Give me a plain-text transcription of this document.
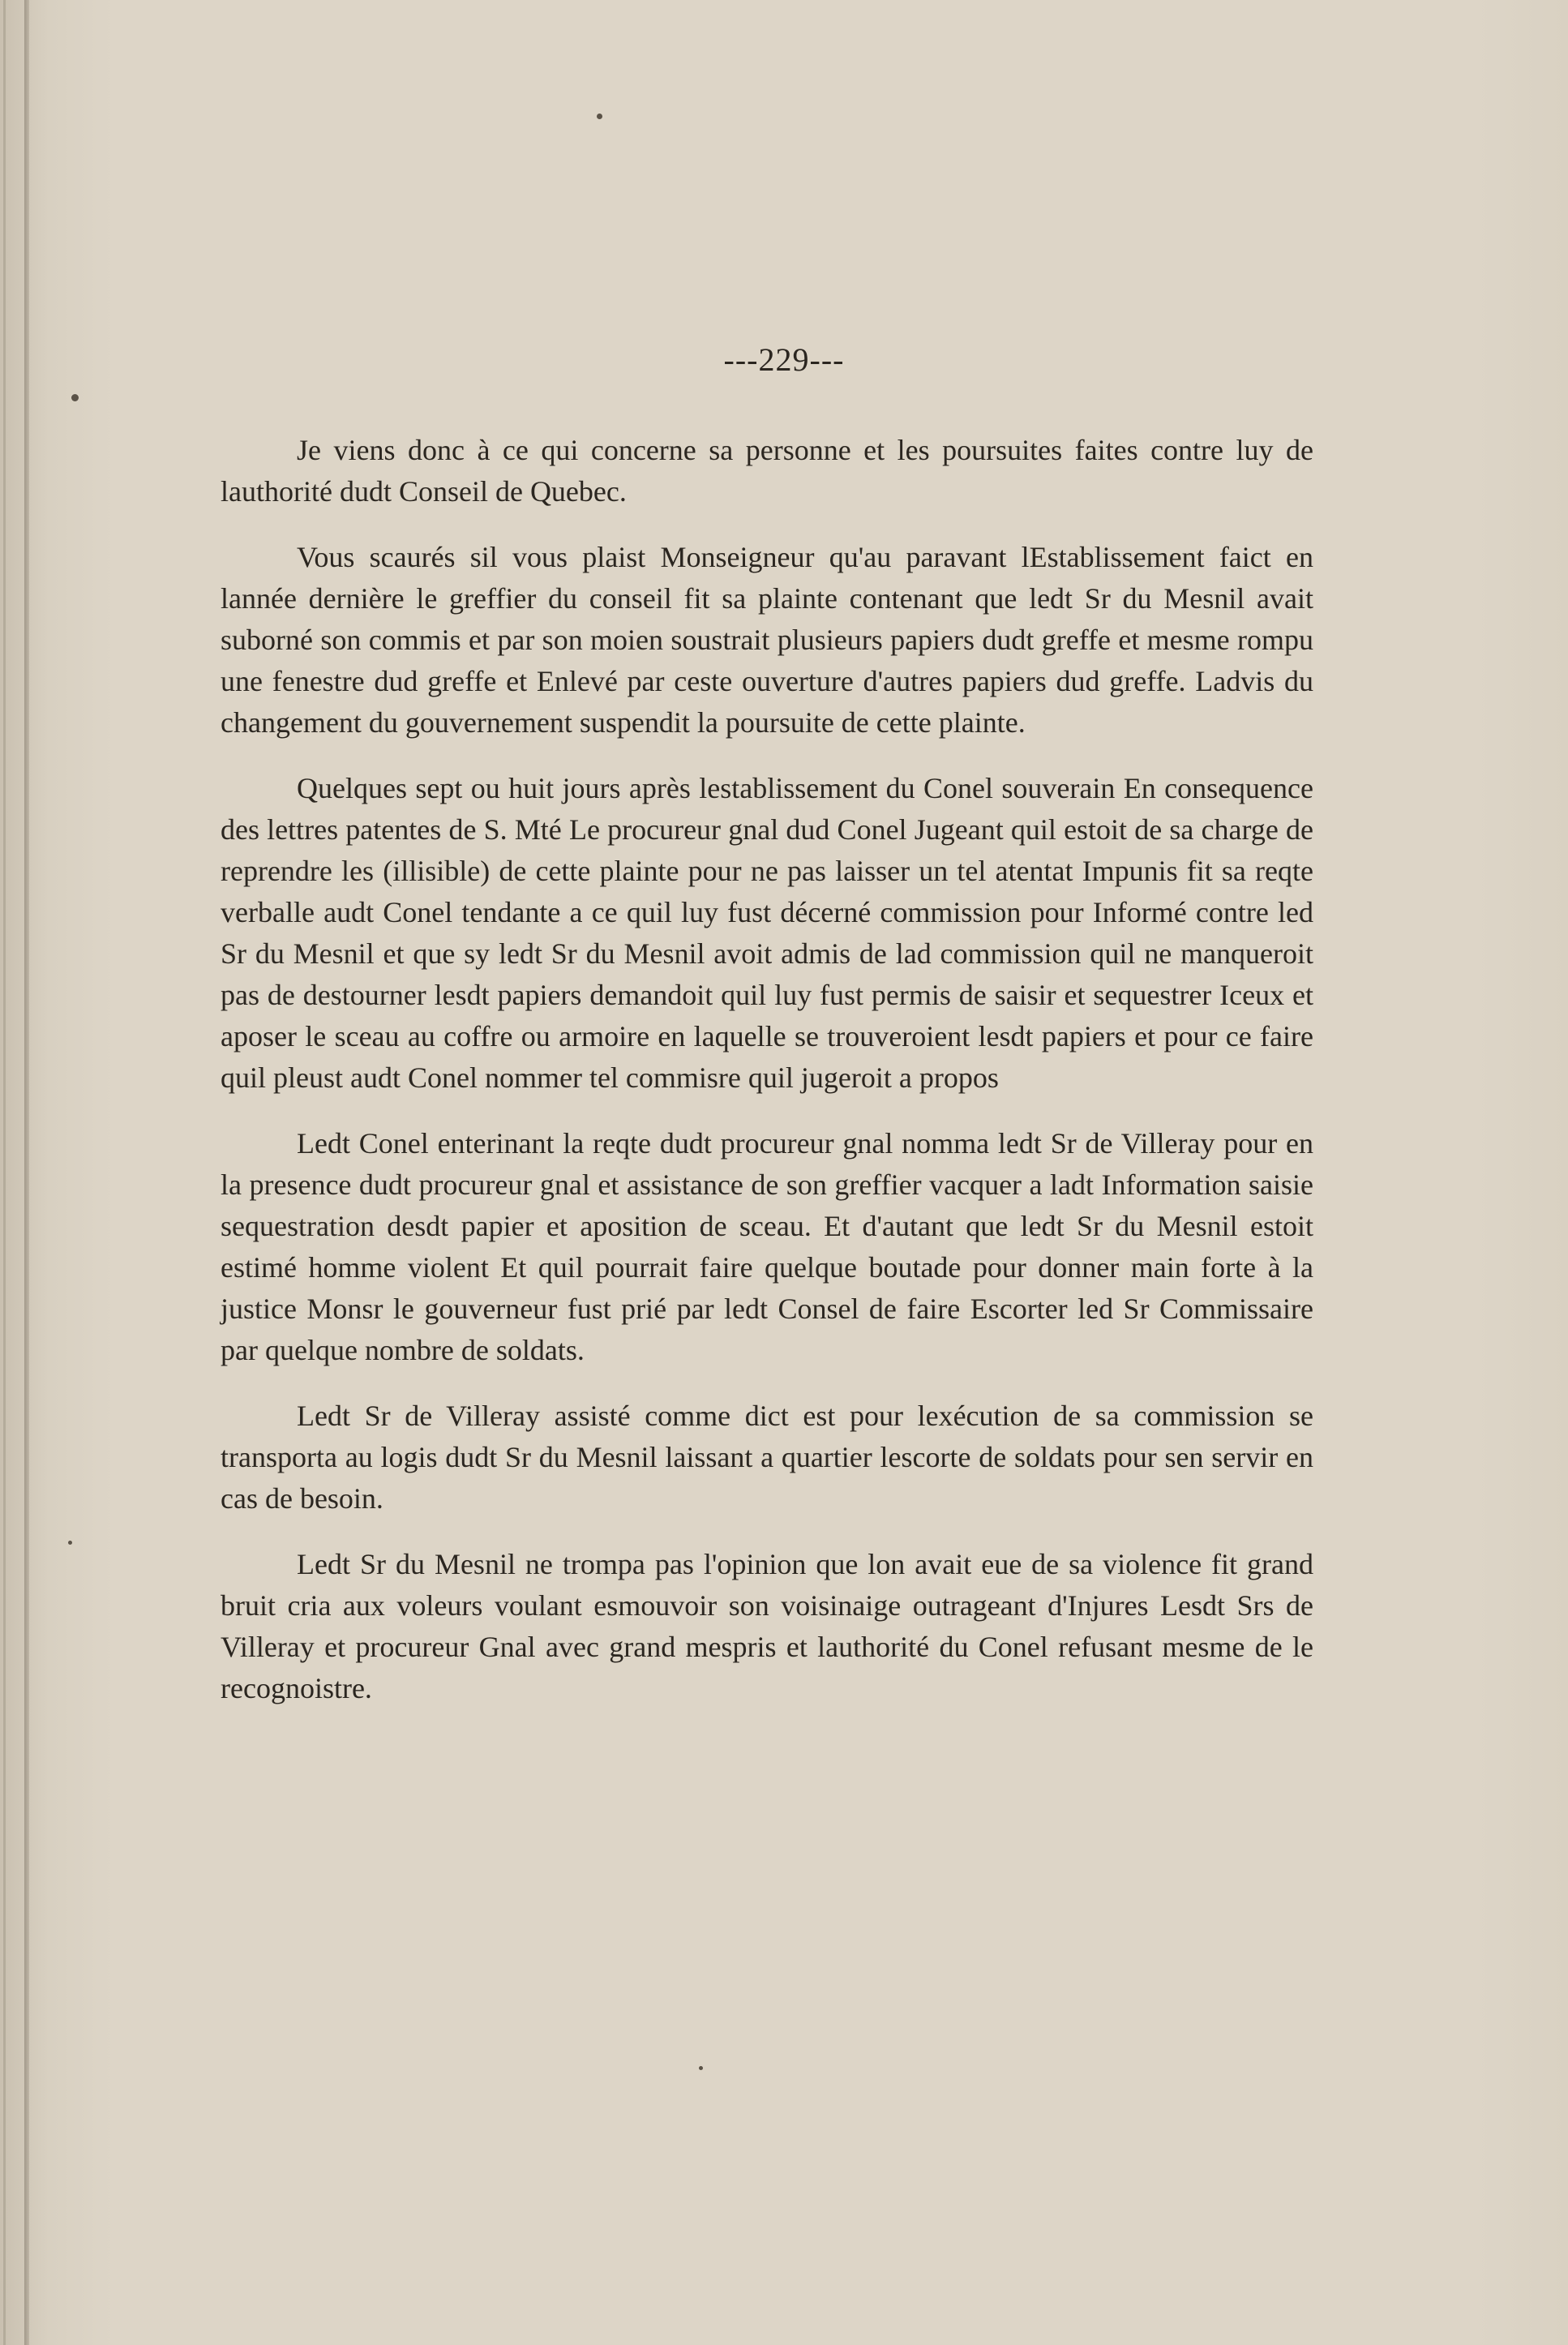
---229---

Je viens donc à ce qui concerne sa personne et les poursuites faites contre luy de lauthorité dudt Conseil de Quebec.

Vous scaurés sil vous plaist Monseigneur qu'au paravant lEstablissement faict en lannée dernière le greffier du conseil fit sa plainte contenant que ledt Sr du Mesnil avait suborné son commis et par son moien soustrait plusieurs papiers dudt greffe et mesme rompu une fenestre dud greffe et Enlevé par ceste ouverture d'autres papiers dud greffe. Ladvis du changement du gouvernement suspendit la poursuite de cette plainte.

Quelques sept ou huit jours après lestablissement du Conel souverain En consequence des lettres patentes de S. Mté Le procureur gnal dud Conel Jugeant quil estoit de sa charge de reprendre les (illisible) de cette plainte pour ne pas laisser un tel atentat Impunis fit sa reqte verballe audt Conel tendante a ce quil luy fust décerné commission pour Informé contre led Sr du Mesnil et que sy ledt Sr du Mesnil avoit admis de lad commission quil ne manqueroit pas de destourner lesdt papiers demandoit quil luy fust permis de saisir et sequestrer Iceux et aposer le sceau au coffre ou armoire en laquelle se trouveroient lesdt papiers et pour ce faire quil pleust audt Conel nommer tel commisre quil jugeroit a propos

Ledt Conel enterinant la reqte dudt procureur gnal nomma ledt Sr de Villeray pour en la presence dudt procureur gnal et assistance de son greffier vacquer a ladt Information saisie sequestration desdt papier et aposition de sceau. Et d'autant que ledt Sr du Mesnil estoit estimé homme violent Et quil pourrait faire quelque boutade pour donner main forte à la justice Monsr le gouverneur fust prié par ledt Consel de faire Escorter led Sr Commissaire par quelque nombre de soldats.

Ledt Sr de Villeray assisté comme dict est pour lexécution de sa commission se transporta au logis dudt Sr du Mesnil laissant a quartier lescorte de soldats pour sen servir en cas de besoin.

Ledt Sr du Mesnil ne trompa pas l'opinion que lon avait eue de sa violence fit grand bruit cria aux voleurs voulant esmouvoir son voisinaige outrageant d'Injures Lesdt Srs de Villeray et procureur Gnal avec grand mespris et lauthorité du Conel refusant mesme de le recognoistre.
